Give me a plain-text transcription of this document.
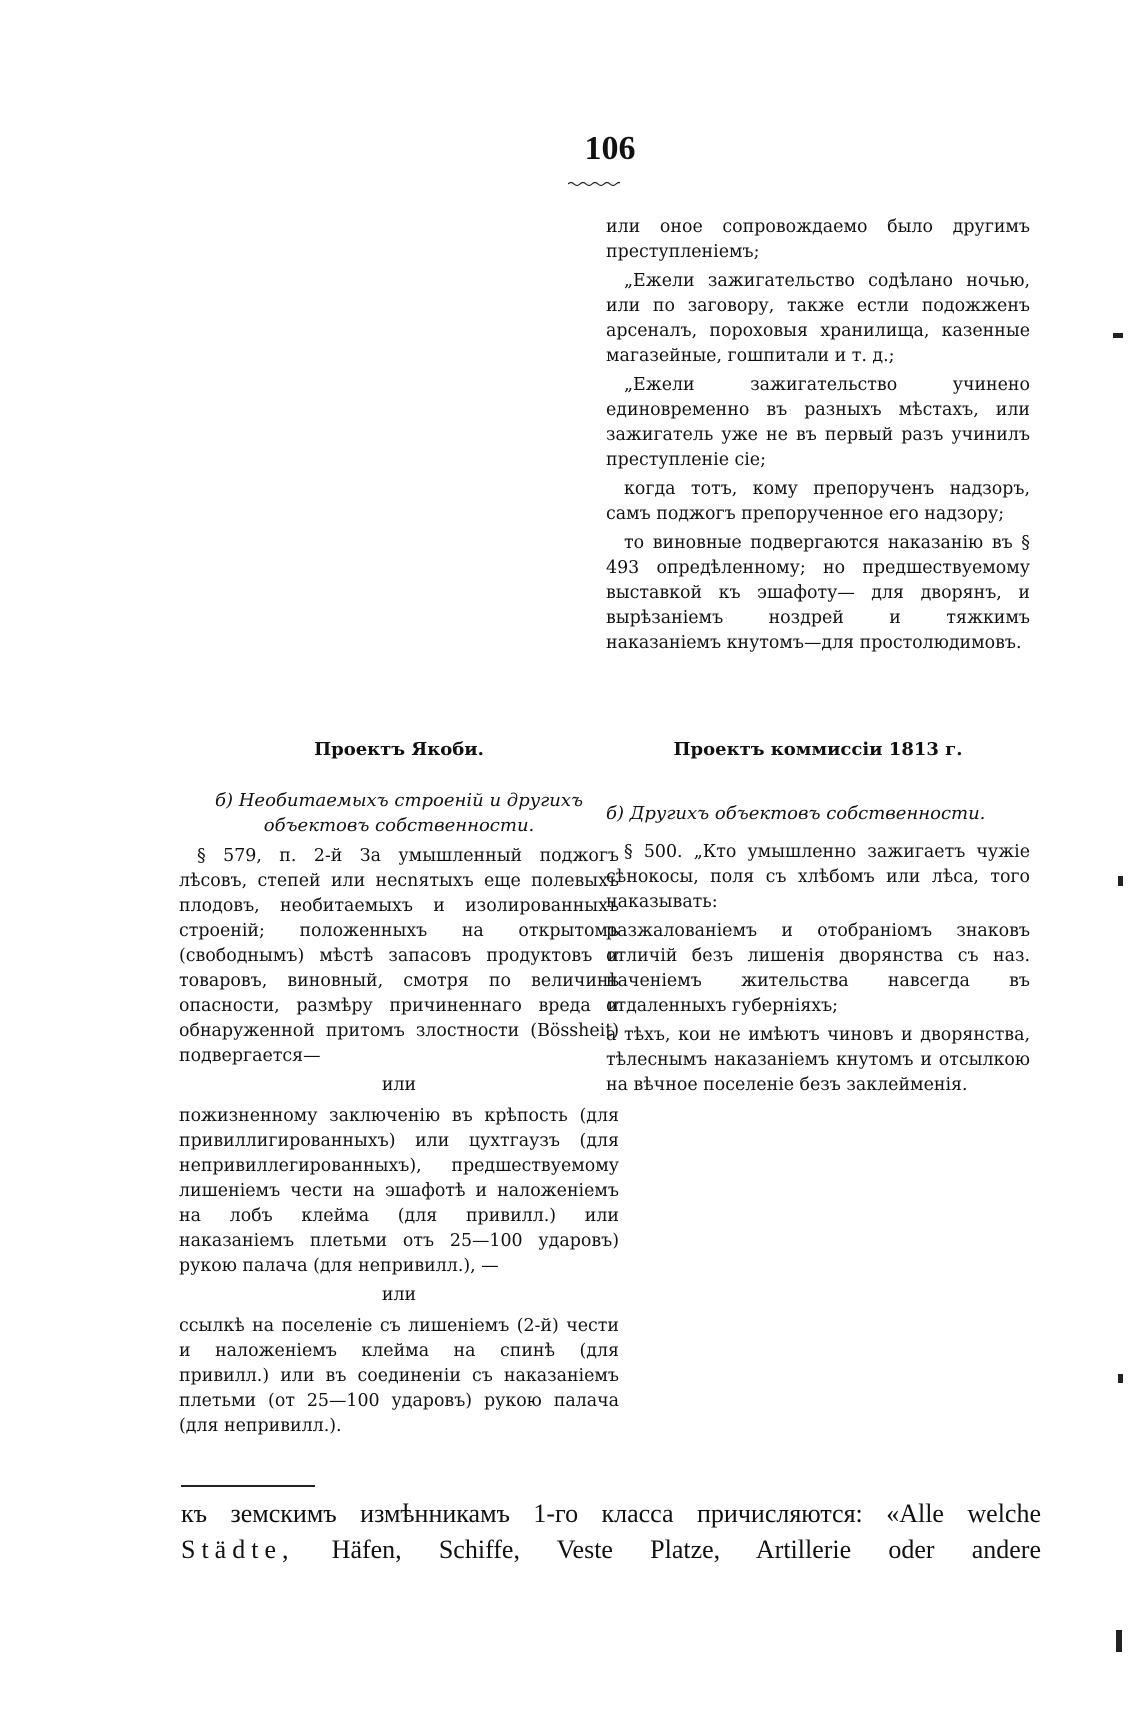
106

или оное сопровождаемо было другимъ преступленіемъ;

„Ежели зажигательство содѣлано ночью, или по заговору, также естли подожженъ арсеналъ, пороховыя хранилища, казенные магазейные, гошпитали и т. д.;

„Ежели зажигательство учинено единовременно въ разныхъ мѣстахъ, или зажигатель уже не въ первый разъ учинилъ преступленіе сіе;

когда тотъ, кому препорученъ надзоръ, самъ поджогъ препорученное его надзору;

то виновные подвергаются наказанію въ § 493 опредѣленному; но предшествуемому выставкой къ эшафоту— для дворянъ, и вырѣзаніемъ ноздрей и тяжкимъ наказаніемъ кнутомъ—для простолюдимовъ.

Проектъ Якоби.	Проектъ коммиссіи 1813 г.

б) Необитаемыхъ строеній и другихъ объектовъ собственности.

§ 579, п. 2-й За умышленный поджогъ лѣсовъ, степей или несnятыхъ еще полевыхъ плодовъ, необитаемыхъ и изолированныхъ строеній; положенныхъ на открытомъ (свободнымъ) мѣстѣ запасовъ продуктовъ и товаровъ, виновный, смотря по величинѣ опасности, размѣру причиненнаго вреда и обнаруженной притомъ злостности (Bössheit) подвергается—

или

пожизненному заключенію въ крѣпость (для привиллигированныхъ) или цухтгаузъ (для непривиллегированныхъ), предшествуемому лишеніемъ чести на эшафотѣ и наложеніемъ на лобъ клейма (для привилл.) или наказаніемъ плетьми отъ 25—100 ударовъ) рукою палача (для непривилл.), —

или

ссылкѣ на поселеніе съ лишеніемъ (2-й) чести и наложеніемъ клейма на спинѣ (для привилл.) или въ соединеніи съ наказаніемъ плетьми (от 25—100 ударовъ) рукою палача (для непривилл.).

б) Другихъ объектовъ собственности.

§ 500. „Кто умышленно зажигаетъ чужіе сѣнокосы, поля съ хлѣбомъ или лѣса, того наказывать:

разжалованіемъ и отобраніомъ знаковъ отличій безъ лишенія дворянства съ наз. наченіемъ жительства навсегда въ отдаленныхъ губерніяхъ;

а тѣхъ, кои не имѣютъ чиновъ и дворянства, тѣлеснымъ наказаніемъ кнутомъ и отсылкою на вѣчное поселеніе безъ заклейменія.

къ земскимъ измѣнникамъ 1-го класса причисляются: «Alle welche

Städte, Häfen, Schiffe, Veste Platze, Artillerie oder andere
